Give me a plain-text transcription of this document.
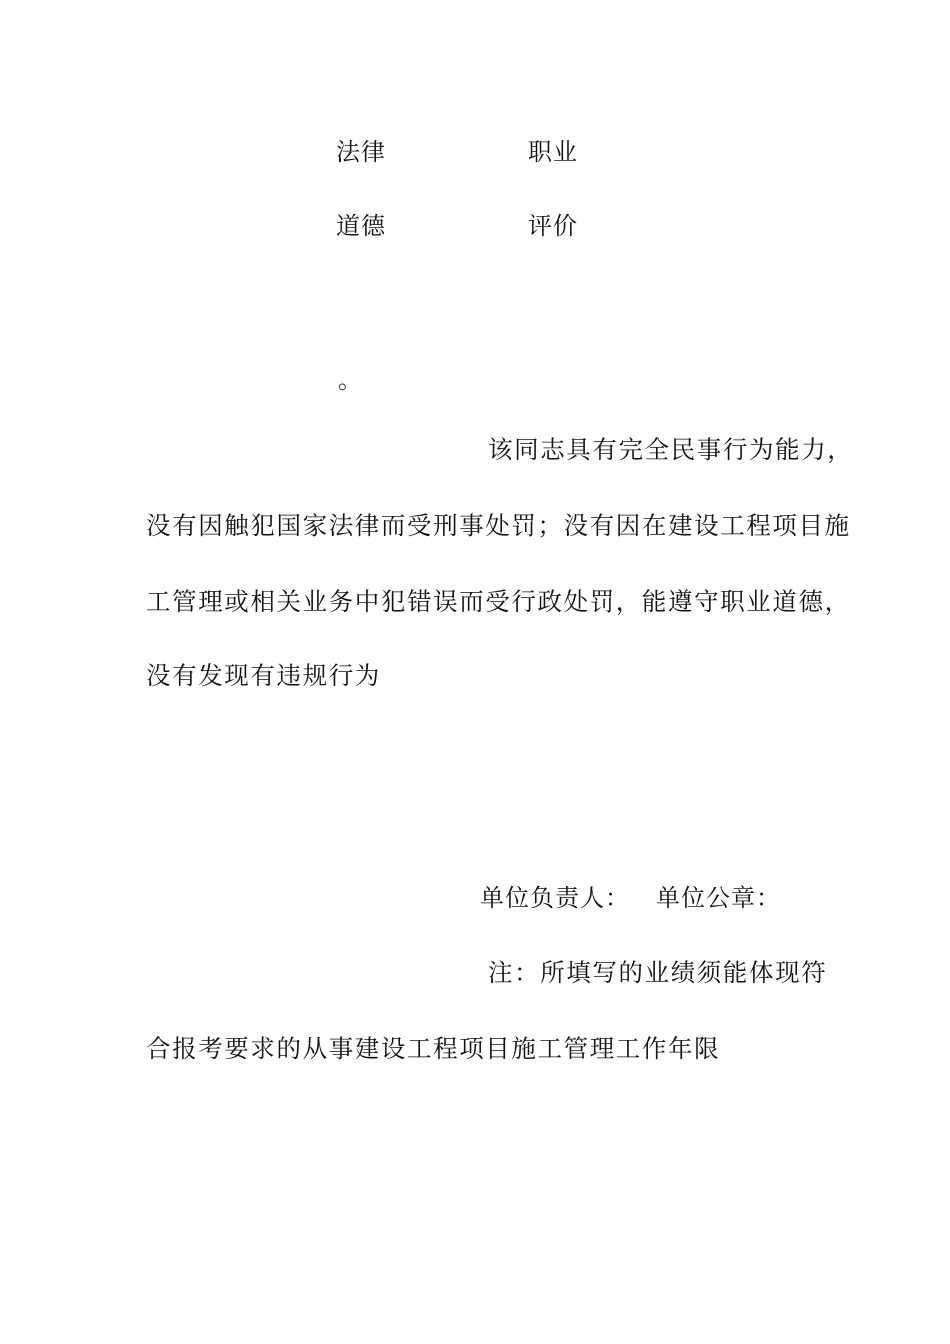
法律	职业
道德	评价
。
该同志具有完全民事行为能力，
没有因触犯国家法律而受刑事处罚；没有因在建设工程项目施
工管理或相关业务中犯错误而受行政处罚，能遵守职业道德，
没有发现有违规行为
单位负责人： 单位公章：
注：所填写的业绩须能体现符
合报考要求的从事建设工程项目施工管理工作年限
